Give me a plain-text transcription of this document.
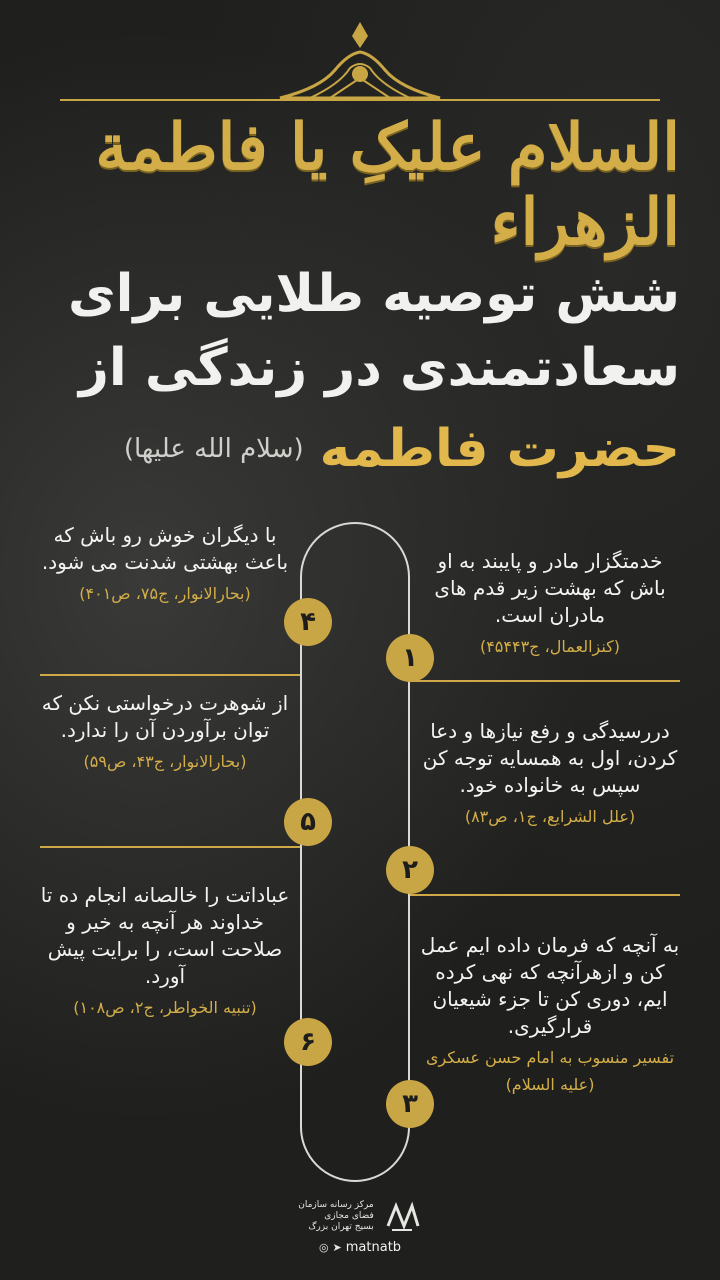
السلام علیکِ یا فاطمة الزهراء
شش توصیه طلایی برای
سعادتمندی در زندگی از
حضرت فاطمه
(سلام الله علیها)
خدمتگزار مادر و پایبند به او باش که بهشت زیر قدم های مادران است.
(کنزالعمال، ج۴۵۴۴۳)
دررسیدگی و رفع نیازها و دعا کردن، اول به همسایه توجه کن سپس به خانواده خود.
(علل الشرایع، ج۱، ص۸۳)
به آنچه که فرمان داده ایم عمل کن و ازهرآنچه که نهی کرده ایم، دوری کن تا جزء شیعیان قرارگیری.
تفسیر منسوب به امام حسن عسکری (علیه السلام)
با دیگران خوش رو باش که باعث بهشتی شدنت می شود.
(بحارالانوار، ج۷۵، ص۴۰۱)
از شوهرت درخواستی نکن که توان برآوردن آن را ندارد.
(بحارالانوار، ج۴۳، ص۵۹)
عباداتت را خالصانه انجام ده تا خداوند هر آنچه به خیر و صلاحت است، را برایت پیش آورد.
(تنبیه الخواطر، ج۲، ص۱۰۸)
۴
۱
۵
۲
۶
۳
مرکز رسانه سازمان
فضای مجازی
بسیج تهران بزرگ
◎ ➤ matnatb
